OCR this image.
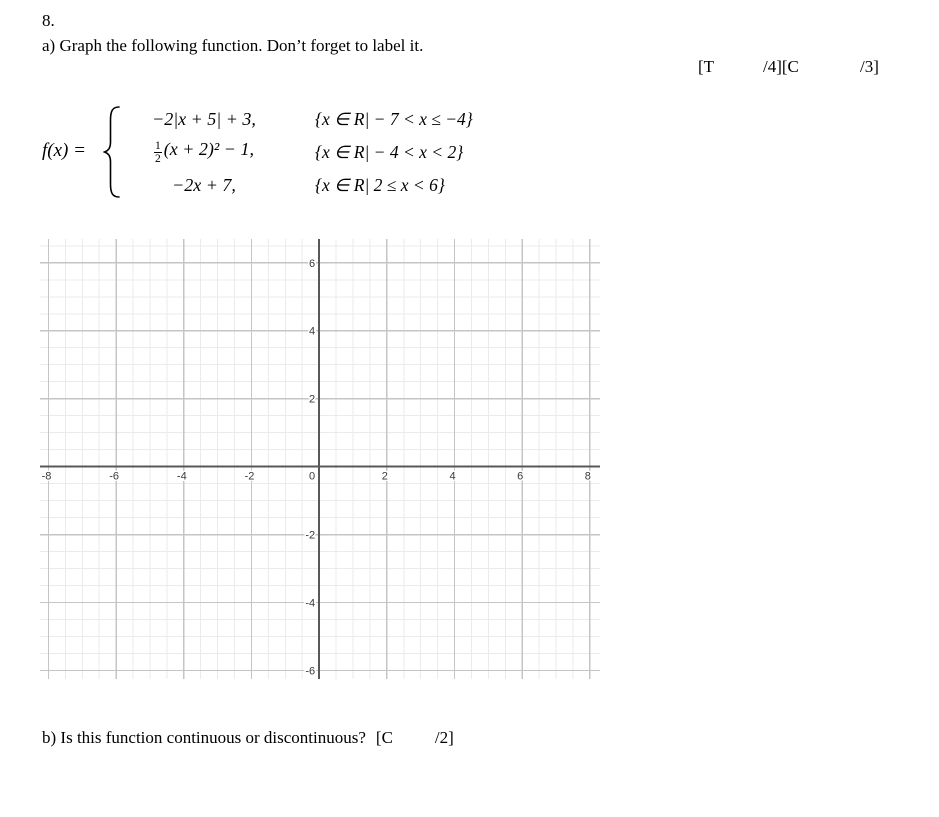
8.
a) Graph the following function. Don’t forget to label it.
[T	/4][C	/3]
f(x) =
−2|x + 5| + 3,	{x ∈ R| − 7 < x ≤ −4}
$\frac{1}{2} (x + 2)^2 - 1$,	{x ∈ R| − 4 < x < 2}
−2x + 7,	{x ∈ R| 2 ≤ x < 6}
-8	-6	-4	-2	0	2	4	6	8
6
4
2
-2
-4
-6
b) Is this function continuous or discontinuous? [C /2]
